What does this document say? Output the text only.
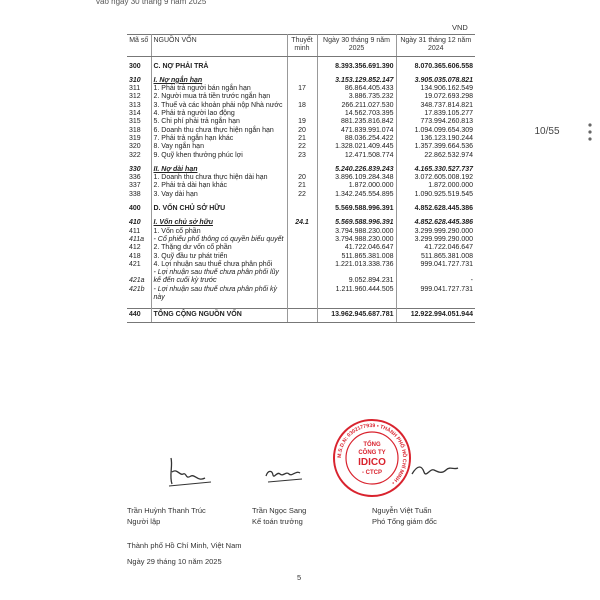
vào ngày 30 tháng 9 năm 2025
VND
Mã số	NGUỒN VỐN	Thuyết minh	Ngày 30 tháng 9 năm 2025	Ngày 31 tháng 12 năm 2024

300	C. NỢ PHẢI TRẢ		8.393.356.691.390	8.070.365.606.558

310	I. Nợ ngắn hạn		3.153.129.852.147	3.905.035.078.821
311	1. Phải trả người bán ngắn hạn	17	86.864.405.433	134.906.162.549
312	2. Người mua trả tiền trước ngắn hạn		3.886.735.232	19.072.693.298
313	3. Thuế và các khoản phải nộp Nhà nước	18	266.211.027.530	348.737.814.821
314	4. Phải trả người lao động		14.562.703.395	17.839.105.277
315	5. Chi phí phải trả ngắn hạn	19	881.235.816.842	773.994.260.813
318	6. Doanh thu chưa thực hiện ngắn hạn	20	471.839.991.074	1.094.099.654.309
319	7. Phải trả ngắn hạn khác	21	88.036.254.422	136.123.190.244
320	8. Vay ngắn hạn	22	1.328.021.409.445	1.357.399.664.536
322	9. Quỹ khen thưởng phúc lợi	23	12.471.508.774	22.862.532.974

330	II. Nợ dài hạn		5.240.226.839.243	4.165.330.527.737
336	1. Doanh thu chưa thực hiện dài hạn	20	3.896.109.284.348	3.072.605.008.192
337	2. Phải trả dài hạn khác	21	1.872.000.000	1.872.000.000
338	3. Vay dài hạn	22	1.342.245.554.895	1.090.925.519.545

400	D. VỐN CHỦ SỞ HỮU		5.569.588.996.391	4.852.628.445.386

410	I. Vốn chủ sở hữu	24.1	5.569.588.996.391	4.852.628.445.386
411	1. Vốn cổ phần		3.794.988.230.000	3.299.999.290.000
411a	- Cổ phiếu phổ thông có quyền biểu quyết		3.794.988.230.000	3.299.999.290.000
412	2. Thặng dư vốn cổ phần		41.722.046.647	41.722.046.647
418	3. Quỹ đầu tư phát triển		511.865.381.008	511.865.381.008
421	4. Lợi nhuận sau thuế chưa phân phối		1.221.013.338.736	999.041.727.731
421a	- Lợi nhuận sau thuế chưa phân phối lũy kế đến cuối kỳ trước		9.052.894.231	-
421b	- Lợi nhuận sau thuế chưa phân phối kỳ này		1.211.960.444.505	999.041.727.731

440	TỔNG CỘNG NGUỒN VỐN		13.962.945.687.781	12.922.994.051.944
10/55
M.S.D.N: 0302177939 • THÀNH PHỐ HỒ CHÍ MINH •
TỔNG
CÔNG TY
IDICO
- CTCP
Trần Huỳnh Thanh Trúc
Người lập
Trần Ngọc Sang
Kế toán trưởng
Nguyễn Việt Tuấn
Phó Tổng giám đốc
Thành phố Hồ Chí Minh, Việt Nam
Ngày 29 tháng 10 năm 2025
5
